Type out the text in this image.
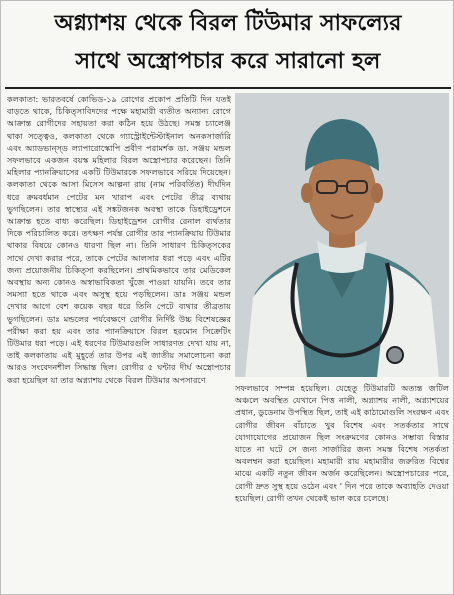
অগ্ন্যাশয় থেকে বিরল টিউমার সাফল্যের
সাথে অস্ত্রোপচার করে সারানো হল

কলকাতা: ভারতবর্ষে কোভিড-১৯ রোগের প্রকোপ প্রতিটি দিন যতই বাড়তে থাকে, চিকিত্সাবিদদের পক্ষে মহামারী ব্যতীত অন্যান্য রোগে আক্রান্ত রোগীদের সহায়তা করা কঠিন হয়ে উঠছে। সমস্ত চ্যালেঞ্জ থাকা সত্ত্বেও, কলকাতা থেকে গ্যাস্ট্রোইন্টেস্টাইনাল অনকসার্জারি এবং অ্যাডভান্স্ড ল্যাপারোস্কোপি প্রবীণ পরামর্শক ডা. সঞ্জয় মন্ডল সফলভাবে একজন বয়স্ক মহিলার বিরল অস্ত্রোপচার করেছেন। তিনি মহিলার প্যানক্রিয়াসের একটি টিউমারকে সফলভাবে সরিয়ে দিয়েছেন।কলকাতা থেকে আসা মিসেস আল্পনা রায় (নাম পরিবর্তিত) দীর্ঘদিন ধরে ক্রমবর্ধমান পেটের মন খারাপ এবং পেটের তীব্র ব্যথায় ভুগছিলেন। তার স্বাস্থ্যের এই সঙ্কটজনক অবস্থা তাকে ডিহাইড্রেশনে আক্রান্ত হতে বাধ্য করেছিল। ডিহাইড্রেশন রোগীর রেনাল ব্যর্থতার দিকে পরিচালিত করে। তৎক্ষণ পর্যন্ত রোগীর তার প্যানক্রিয়ায় টিউমার থাকার বিষয়ে কোনও ধারণা ছিল না। তিনি সাধারণ চিকিত্সকের সাথে দেখা করার পরে, তাকে পেটের আলসার ধরা পড়ে এবং এটির জন্য প্রয়োজনীয় চিকিত্সা করছিলেন। প্রাথমিকভাবে তার মেডিকেল অবস্থায় অন্য কোনও অস্বাভাবিকতা খুঁজে পাওয়া যায়নি। তবে তার সমস্যা হতে থাকে এবং অসুস্থ হয়ে পড়ছিলেন। ডাঃ সঞ্জয় মন্ডল দেখার আগে বেশ কয়েক বছর ধরে তিনি পেটে ব্যথার তীব্রতায় ভুগছিলেন। ডাঃ মন্ডলের পর্যবেক্ষণে রোগীর নির্দিষ্ট উচ্চ বিশেষজ্ঞের পরীক্ষা করা হয় এবং তার প্যানক্রিয়াসে বিরল হরমোন সিক্রেটিং টিউমার ধরা পড়ে। এই ধরণের টিউমারগুলি সাধারণত দেখা যায় না, তাই কলকাতায় এই মুহূর্তে তার উপর এই জাতীয় সমালোচনা করা আরও সংবেদনশীল সিদ্ধান্ত ছিল। রোগীর ৫ ঘন্টার দীর্ঘ অস্ত্রোপচার করা হয়েছিল যা তার অগ্ন্যাশয় থেকে বিরল টিউমার অপসারণে

সফলভাবে সম্পন্ন হয়েছিল। যেহেতু টিউমারটি অত্যন্ত জটিল অঞ্চলে অবস্থিত যেখানে পিত্ত নালী, অগ্ন্যাশয় নালী, অগ্ন্যাশয়ের প্রধান, ডুডেনাম উপস্থিত ছিল, তাই এই কাঠামোগুলি সংরক্ষণ এবং রোগীর জীবন বাঁচাতে খুব বিশেষ এবং সতর্কতার সাথে যোগাযোগের প্রয়োজন ছিল সংক্রমণের কোনও সম্ভাব্য বিস্তার যাতে না ঘটে সে জন্য সার্জারির জন্য সমস্ত বিশেষ সতর্কতা অবলম্বন করা হয়েছিল। মহামারী রায় মহামারীর জরুরিত বিশ্বের মাঝে একটি নতুন জীবন অর্জন করেছিলেন। অস্ত্রোপচারের পরে, রোগী দ্রুত সুস্থ হয়ে ওঠেন এবং ' দিন পরে তাকে অব্যাহতি দেওয়া হয়েছিল। রোগী তখন থেকেই ভাল করে চলেছে।
